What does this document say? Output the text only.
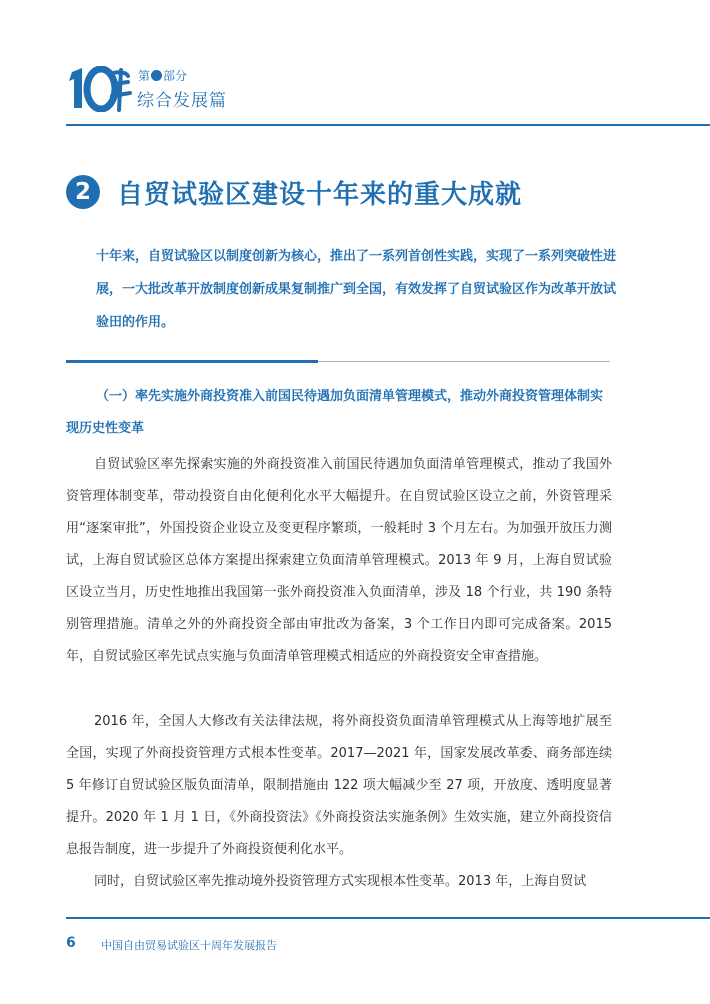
第 部分
综合发展篇
2	自贸试验区建设十年来的重大成就

十年来，自贸试验区以制度创新为核心，推出了一系列首创性实践，实现了一系列突破性进展，一大批改革开放制度创新成果复制推广到全国，有效发挥了自贸试验区作为改革开放试验田的作用。

（一）率先实施外商投资准入前国民待遇加负面清单管理模式，推动外商投资管理体制实现历史性变革

自贸试验区率先探索实施的外商投资准入前国民待遇加负面清单管理模式，推动了我国外资管理体制变革，带动投资自由化便利化水平大幅提升。在自贸试验区设立之前，外资管理采用“逐案审批”，外国投资企业设立及变更程序繁琐，一般耗时 3 个月左右。为加强开放压力测试，上海自贸试验区总体方案提出探索建立负面清单管理模式。2013 年 9 月，上海自贸试验区设立当月，历史性地推出我国第一张外商投资准入负面清单，涉及 18 个行业，共 190 条特别管理措施。清单之外的外商投资全部由审批改为备案，3 个工作日内即可完成备案。2015 年，自贸试验区率先试点实施与负面清单管理模式相适应的外商投资安全审查措施。

2016 年，全国人大修改有关法律法规，将外商投资负面清单管理模式从上海等地扩展至全国，实现了外商投资管理方式根本性变革。2017—2021 年，国家发展改革委、商务部连续 5 年修订自贸试验区版负面清单，限制措施由 122 项大幅减少至 27 项，开放度、透明度显著提升。2020 年 1 月 1 日，《外商投资法》《外商投资法实施条例》生效实施，建立外商投资信息报告制度，进一步提升了外商投资便利化水平。

同时，自贸试验区率先推动境外投资管理方式实现根本性变革。2013 年，上海自贸试

6 中国自由贸易试验区十周年发展报告
